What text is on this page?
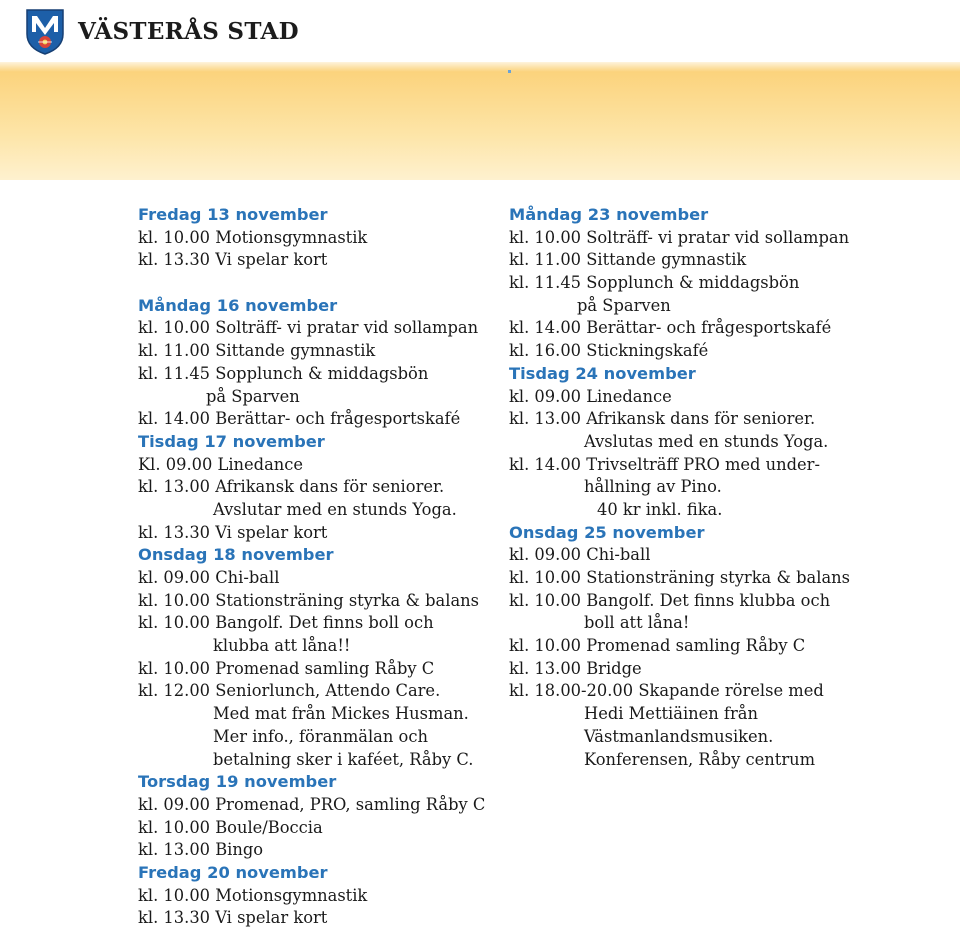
VÄSTERÅS STAD
Fredag 13 november
kl. 10.00 Motionsgymnastik
kl. 13.30 Vi spelar kort
Måndag 16 november
kl. 10.00 Solträff- vi pratar vid sollampan
kl. 11.00 Sittande gymnastik
kl. 11.45 Sopplunch & middagsbön
på Sparven
kl. 14.00 Berättar- och frågesportskafé
Tisdag 17 november
Kl. 09.00 Linedance
kl. 13.00 Afrikansk dans för seniorer.
Avslutar med en stunds Yoga.
kl. 13.30 Vi spelar kort
Onsdag 18 november
kl. 09.00 Chi-ball
kl. 10.00 Stationsträning styrka & balans
kl. 10.00 Bangolf. Det finns boll och
klubba att låna!!
kl. 10.00 Promenad samling Råby C
kl. 12.00 Seniorlunch, Attendo Care.
Med mat från Mickes Husman.
Mer info., föranmälan och
betalning sker i kaféet, Råby C.
Torsdag 19 november
kl. 09.00 Promenad, PRO, samling Råby C
kl. 10.00 Boule/Boccia
kl. 13.00 Bingo
Fredag 20 november
kl. 10.00 Motionsgymnastik
kl. 13.30 Vi spelar kort
Måndag 23 november
kl. 10.00 Solträff- vi pratar vid sollampan
kl. 11.00 Sittande gymnastik
kl. 11.45 Sopplunch & middagsbön
på Sparven
kl. 14.00 Berättar- och frågesportskafé
kl. 16.00 Stickningskafé
Tisdag 24 november
kl. 09.00 Linedance
kl. 13.00 Afrikansk dans för seniorer.
Avslutas med en stunds Yoga.
kl. 14.00 Trivselträff PRO med under-
hållning av Pino.
40 kr inkl. fika.
Onsdag 25 november
kl. 09.00 Chi-ball
kl. 10.00 Stationsträning styrka & balans
kl. 10.00 Bangolf. Det finns klubba och
boll att låna!
kl. 10.00 Promenad samling Råby C
kl. 13.00 Bridge
kl. 18.00-20.00 Skapande rörelse med
Hedi Mettiäinen från
Västmanlandsmusiken.
Konferensen, Råby centrum
